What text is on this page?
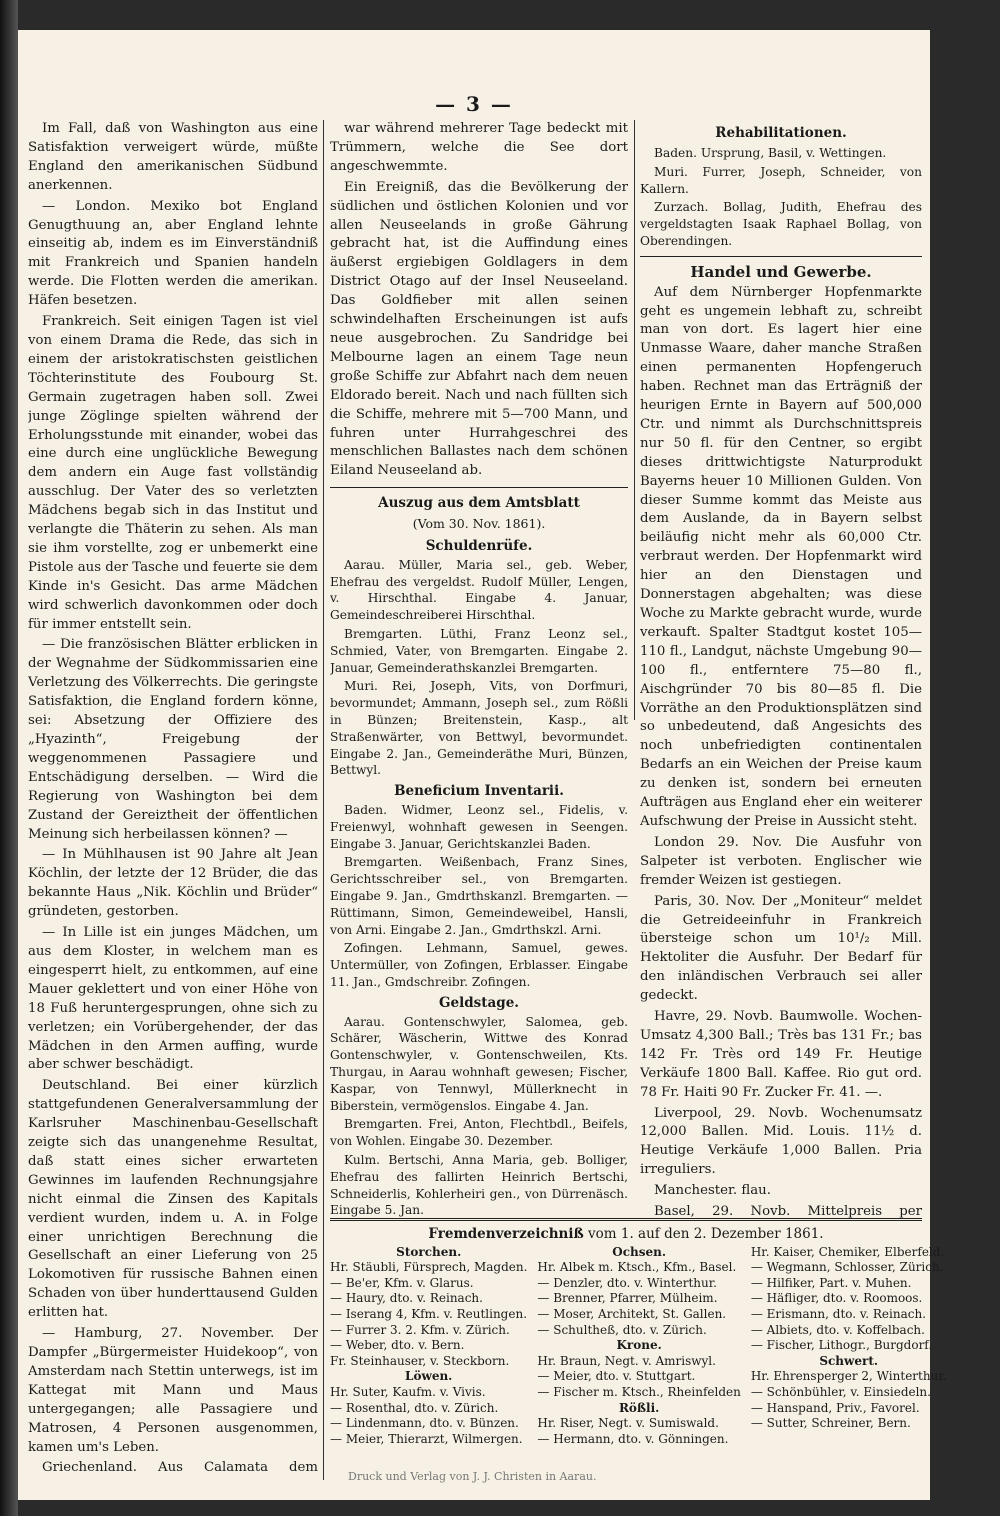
— 3 —

Im Fall, daß von Washington aus eine Satisfaktion verweigert würde, müßte England den amerikanischen Südbund anerkennen.

— London. Mexiko bot England Genugthuung an, aber England lehnte einseitig ab, indem es im Einverständniß mit Frankreich und Spanien handeln werde. Die Flotten werden die amerikan. Häfen besetzen.

Frankreich. Seit einigen Tagen ist viel von einem Drama die Rede, das sich in einem der aristokratischsten geistlichen Töchterinstitute des Foubourg St. Germain zugetragen haben soll. Zwei junge Zöglinge spielten während der Erholungsstunde mit einander, wobei das eine durch eine unglückliche Bewegung dem andern ein Auge fast vollständig ausschlug. Der Vater des so verletzten Mädchens begab sich in das Institut und verlangte die Thäterin zu sehen. Als man sie ihm vorstellte, zog er unbemerkt eine Pistole aus der Tasche und feuerte sie dem Kinde in's Gesicht. Das arme Mädchen wird schwerlich davonkommen oder doch für immer entstellt sein.

— Die französischen Blätter erblicken in der Wegnahme der Südkommissarien eine Verletzung des Völkerrechts. Die geringste Satisfaktion, die England fordern könne, sei: Absetzung der Offiziere des „Hyazinth“, Freigebung der weggenommenen Passagiere und Entschädigung derselben. — Wird die Regierung von Washington bei dem Zustand der Gereiztheit der öffentlichen Meinung sich herbeilassen können? —

— In Mühlhausen ist 90 Jahre alt Jean Köchlin, der letzte der 12 Brüder, die das bekannte Haus „Nik. Köchlin und Brüder“ gründeten, gestorben.

— In Lille ist ein junges Mädchen, um aus dem Kloster, in welchem man es eingesperrt hielt, zu entkommen, auf eine Mauer geklettert und von einer Höhe von 18 Fuß heruntergesprungen, ohne sich zu verletzen; ein Vorübergehender, der das Mädchen in den Armen auffing, wurde aber schwer beschädigt.

Deutschland. Bei einer kürzlich stattgefundenen Generalversammlung der Karlsruher Maschinenbau-Gesellschaft zeigte sich das unangenehme Resultat, daß statt eines sicher erwarteten Gewinnes im laufenden Rechnungsjahre nicht einmal die Zinsen des Kapitals verdient wurden, indem u. A. in Folge einer unrichtigen Berechnung die Gesellschaft an einer Lieferung von 25 Lokomotiven für russische Bahnen einen Schaden von über hunderttausend Gulden erlitten hat.

— Hamburg, 27. November. Der Dampfer „Bürgermeister Huidekoop“, von Amsterdam nach Stettin unterwegs, ist im Kattegat mit Mann und Maus untergegangen; alle Passagiere und Matrosen, 4 Personen ausgenommen, kamen um's Leben.

Griechenland. Aus Calamata dem

war während mehrerer Tage bedeckt mit Trümmern, welche die See dort angeschwemmte.

Ein Ereigniß, das die Bevölkerung der südlichen und östlichen Kolonien und vor allen Neuseelands in große Gährung gebracht hat, ist die Auffindung eines äußerst ergiebigen Goldlagers in dem District Otago auf der Insel Neuseeland. Das Goldfieber mit allen seinen schwindelhaften Erscheinungen ist aufs neue ausgebrochen. Zu Sandridge bei Melbourne lagen an einem Tage neun große Schiffe zur Abfahrt nach dem neuen Eldorado bereit. Nach und nach füllten sich die Schiffe, mehrere mit 5—700 Mann, und fuhren unter Hurrahgeschrei des menschlichen Ballastes nach dem schönen Eiland Neuseeland ab.

Auszug aus dem Amtsblatt
(Vom 30. Nov. 1861).
Schuldenrüfe.

Aarau. Müller, Maria sel., geb. Weber, Ehefrau des vergeldst. Rudolf Müller, Lengen, v. Hirschthal. Eingabe 4. Januar, Gemeindeschreiberei Hirschthal.

Bremgarten. Lüthi, Franz Leonz sel., Schmied, Vater, von Bremgarten. Eingabe 2. Januar, Gemeinderathskanzlei Bremgarten.

Muri. Rei, Joseph, Vits, von Dorfmuri, bevormundet; Ammann, Joseph sel., zum Rößli in Bünzen; Breitenstein, Kasp., alt Straßenwärter, von Bettwyl, bevormundet. Eingabe 2. Jan., Gemeinderäthe Muri, Bünzen, Bettwyl.

Beneficium Inventarii.

Baden. Widmer, Leonz sel., Fidelis, v. Freienwyl, wohnhaft gewesen in Seengen. Eingabe 3. Januar, Gerichtskanzlei Baden.

Bremgarten. Weißenbach, Franz Sines, Gerichtsschreiber sel., von Bremgarten. Eingabe 9. Jan., Gmdrthskanzl. Bremgarten. — Rüttimann, Simon, Gemeindeweibel, Hansli, von Arni. Eingabe 2. Jan., Gmdrthskzl. Arni.

Zofingen. Lehmann, Samuel, gewes. Untermüller, von Zofingen, Erblasser. Eingabe 11. Jan., Gmdschreibr. Zofingen.

Geldstage.

Aarau. Gontenschwyler, Salomea, geb. Schärer, Wäscherin, Wittwe des Konrad Gontenschwyler, v. Gontenschweilen, Kts. Thurgau, in Aarau wohnhaft gewesen; Fischer, Kaspar, von Tennwyl, Müllerknecht in Biberstein, vermögenslos. Eingabe 4. Jan.

Bremgarten. Frei, Anton, Flechtbdl., Beifels, von Wohlen. Eingabe 30. Dezember.

Kulm. Bertschi, Anna Maria, geb. Bolliger, Ehefrau des fallirten Heinrich Bertschi, Schneiderlis, Kohlerheiri gen., von Dürrenäsch. Eingabe 5. Jan.

Rehabilitationen.

Baden. Ursprung, Basil, v. Wettingen.

Muri. Furrer, Joseph, Schneider, von Kallern.

Zurzach. Bollag, Judith, Ehefrau des vergeldstagten Isaak Raphael Bollag, von Oberendingen.

Handel und Gewerbe.

Auf dem Nürnberger Hopfenmarkte geht es ungemein lebhaft zu, schreibt man von dort. Es lagert hier eine Unmasse Waare, daher manche Straßen einen permanenten Hopfengeruch haben. Rechnet man das Erträgniß der heurigen Ernte in Bayern auf 500,000 Ctr. und nimmt als Durchschnittspreis nur 50 fl. für den Centner, so ergibt dieses drittwichtigste Naturprodukt Bayerns heuer 10 Millionen Gulden. Von dieser Summe kommt das Meiste aus dem Auslande, da in Bayern selbst beiläufig nicht mehr als 60,000 Ctr. verbraut werden. Der Hopfenmarkt wird hier an den Dienstagen und Donnerstagen abgehalten; was diese Woche zu Markte gebracht wurde, wurde verkauft. Spalter Stadtgut kostet 105—110 fl., Landgut, nächste Umgebung 90—100 fl., entferntere 75—80 fl., Aischgründer 70 bis 80—85 fl. Die Vorräthe an den Produktionsplätzen sind so unbedeutend, daß Angesichts des noch unbefriedigten continentalen Bedarfs an ein Weichen der Preise kaum zu denken ist, sondern bei erneuten Aufträgen aus England eher ein weiterer Aufschwung der Preise in Aussicht steht.

London 29. Nov. Die Ausfuhr von Salpeter ist verboten. Englischer wie fremder Weizen ist gestiegen.

Paris, 30. Nov. Der „Moniteur“ meldet die Getreideeinfuhr in Frankreich übersteige schon um 10¹/₂ Mill. Hektoliter die Ausfuhr. Der Bedarf für den inländischen Verbrauch sei aller gedeckt.

Havre, 29. Novb. Baumwolle. Wochen-Umsatz 4,300 Ball.; Très bas 131 Fr.; bas 142 Fr. Très ord 149 Fr. Heutige Verkäufe 1800 Ball. Kaffee. Rio gut ord. 78 Fr. Haiti 90 Fr. Zucker Fr. 41. —.

Liverpool, 29. Novb. Wochenumsatz 12,000 Ballen. Mid. Louis. 11½ d. Heutige Verkäufe 1,000 Ballen. Pria irreguliers.

Manchester. flau.

Basel, 29. Novb. Mittelpreis per

Fremdenverzeichniß vom 1. auf den 2. Dezember 1861.
Storchen.
Hr. Stäubli, Fürsprech, Magden.
— Be'er, Kfm. v. Glarus.
— Haury, dto. v. Reinach.
— Iserang 4, Kfm. v. Reutlingen.
— Furrer 3. 2. Kfm. v. Zürich.
— Weber, dto. v. Bern.
Fr. Steinhauser, v. Steckborn.
Löwen.
Hr. Suter, Kaufm. v. Vivis.
— Rosenthal, dto. v. Zürich.
— Lindenmann, dto. v. Bünzen.
— Meier, Thierarzt, Wilmergen.
Ochsen.
Hr. Albek m. Ktsch., Kfm., Basel.
— Denzler, dto. v. Winterthur.
— Brenner, Pfarrer, Mülheim.
— Moser, Architekt, St. Gallen.
— Schultheß, dto. v. Zürich.
Krone.
Hr. Braun, Negt. v. Amriswyl.
— Meier, dto. v. Stuttgart.
— Fischer m. Ktsch., Rheinfelden
Rößli.
Hr. Riser, Negt. v. Sumiswald.
— Hermann, dto. v. Gönningen.
Hr. Kaiser, Chemiker, Elberfeld.
— Wegmann, Schlosser, Zürich.
— Hilfiker, Part. v. Muhen.
— Häfliger, dto. v. Roomoos.
— Erismann, dto. v. Reinach.
— Albiets, dto. v. Koffelbach.
— Fischer, Lithogr., Burgdorf.
Schwert.
Hr. Ehrensperger 2, Winterthur.
— Schönbühler, v. Einsiedeln.
— Hanspand, Priv., Favorel.
— Sutter, Schreiner, Bern.
Druck und Verlag von J. J. Christen in Aarau.
